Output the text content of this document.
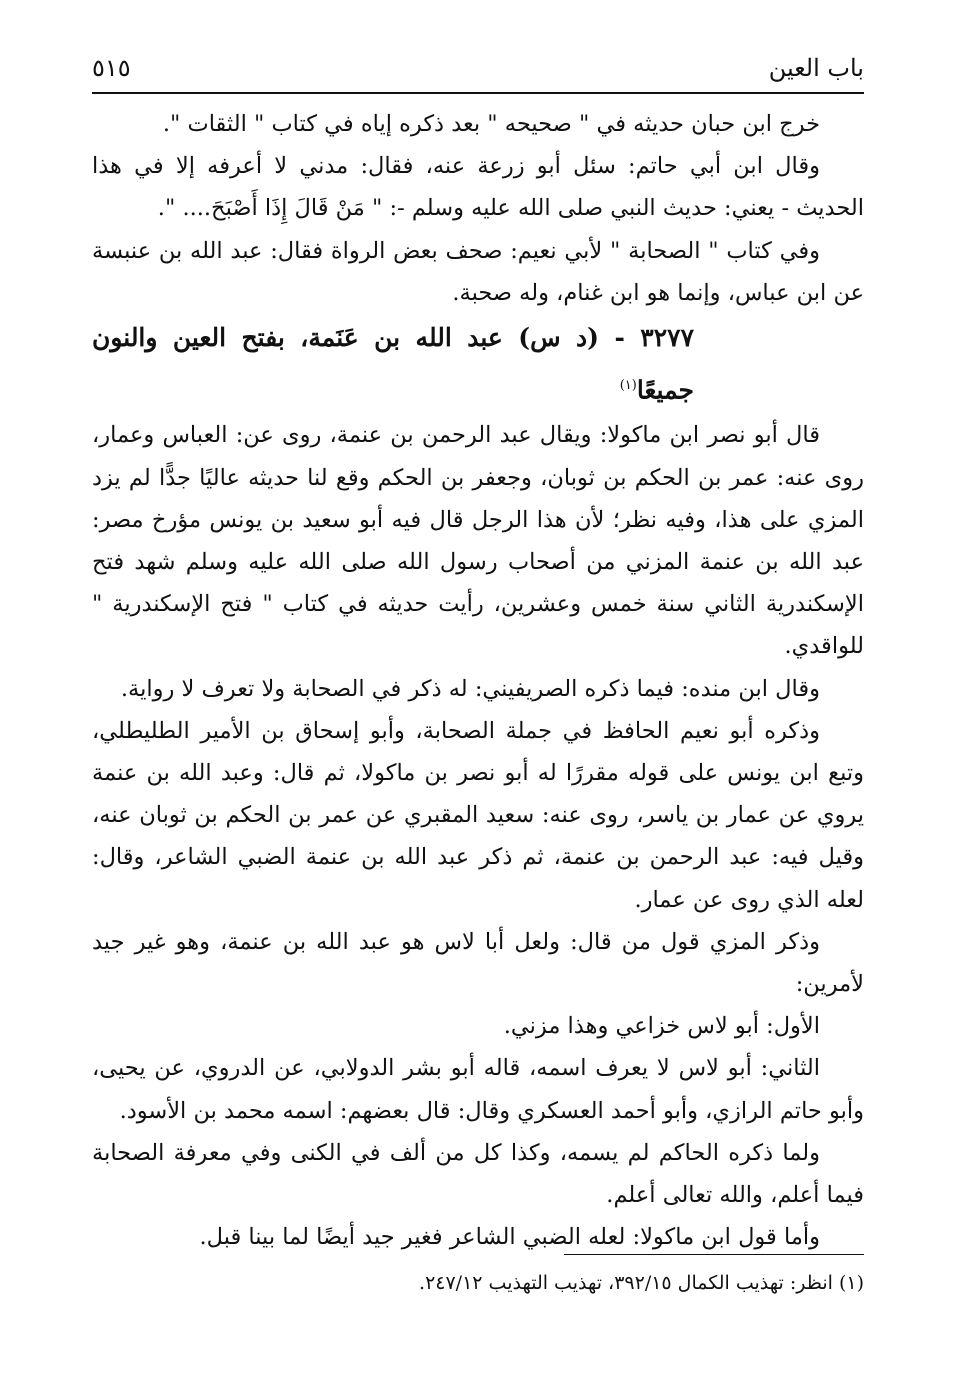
باب العين
٥١٥

خرج ابن حبان حديثه في " صحيحه " بعد ذكره إياه في كتاب " الثقات ".

وقال ابن أبي حاتم: سئل أبو زرعة عنه، فقال: مدني لا أعرفه إلا في هذا الحديث - يعني: حديث النبي صلى الله عليه وسلم -: " مَنْ قَالَ إِذَا أَصْبَحَ.... ".

وفي كتاب " الصحابة " لأبي نعيم: صحف بعض الرواة فقال: عبد الله بن عنبسة عن ابن عباس، وإنما هو ابن غنام، وله صحبة.

٣٢٧٧ - (د س) عبد الله بن عَنَمة، بفتح العين والنون جميعًا$^{(١)}$

قال أبو نصر ابن ماكولا: ويقال عبد الرحمن بن عنمة، روى عن: العباس وعمار، روى عنه: عمر بن الحكم بن ثوبان، وجعفر بن الحكم وقع لنا حديثه عاليًا جدًّا لم يزد المزي على هذا، وفيه نظر؛ لأن هذا الرجل قال فيه أبو سعيد بن يونس مؤرخ مصر: عبد الله بن عنمة المزني من أصحاب رسول الله صلى الله عليه وسلم شهد فتح الإسكندرية الثاني سنة خمس وعشرين، رأيت حديثه في كتاب " فتح الإسكندرية " للواقدي.

وقال ابن منده: فيما ذكره الصريفيني: له ذكر في الصحابة ولا تعرف لا رواية.

وذكره أبو نعيم الحافظ في جملة الصحابة، وأبو إسحاق بن الأمير الطليطلي، وتبع ابن يونس على قوله مقررًا له أبو نصر بن ماكولا، ثم قال: وعبد الله بن عنمة يروي عن عمار بن ياسر، روى عنه: سعيد المقبري عن عمر بن الحكم بن ثوبان عنه، وقيل فيه: عبد الرحمن بن عنمة، ثم ذكر عبد الله بن عنمة الضبي الشاعر، وقال: لعله الذي روى عن عمار.

وذكر المزي قول من قال: ولعل أبا لاس هو عبد الله بن عنمة، وهو غير جيد لأمرين:

الأول: أبو لاس خزاعي وهذا مزني.

الثاني: أبو لاس لا يعرف اسمه، قاله أبو بشر الدولابي، عن الدروي، عن يحيى، وأبو حاتم الرازي، وأبو أحمد العسكري وقال: قال بعضهم: اسمه محمد بن الأسود.

ولما ذكره الحاكم لم يسمه، وكذا كل من ألف في الكنى وفي معرفة الصحابة فيما أعلم، والله تعالى أعلم.

وأما قول ابن ماكولا: لعله الضبي الشاعر فغير جيد أيضًا لما بينا قبل.

(١) انظر: تهذيب الكمال ٣٩٢/١٥، تهذيب التهذيب ٢٤٧/١٢.
